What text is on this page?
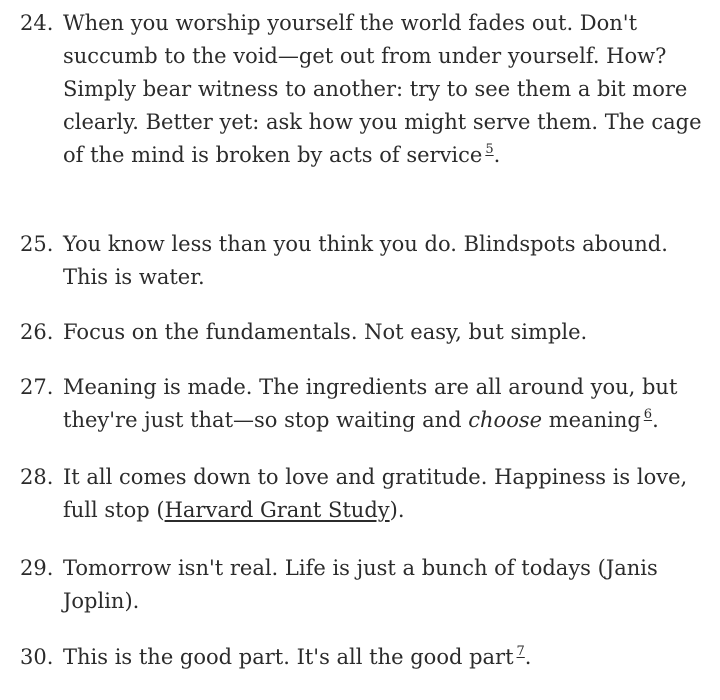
24. When you worship yourself the world fades out. Don't succumb to the void—get out from under yourself. How? Simply bear witness to another: try to see them a bit more clearly. Better yet: ask how you might serve them. The cage of the mind is broken by acts of service $^5$.
25. You know less than you think you do. Blindspots abound. This is water.
26. Focus on the fundamentals. Not easy, but simple.
27. Meaning is made. The ingredients are all around you, but they're just that—so stop waiting and choose meaning $^6$.
28. It all comes down to love and gratitude. Happiness is love, full stop (Harvard Grant Study).
29. Tomorrow isn't real. Life is just a bunch of todays (Janis Joplin).
30. This is the good part. It's all the good part $^7$.
